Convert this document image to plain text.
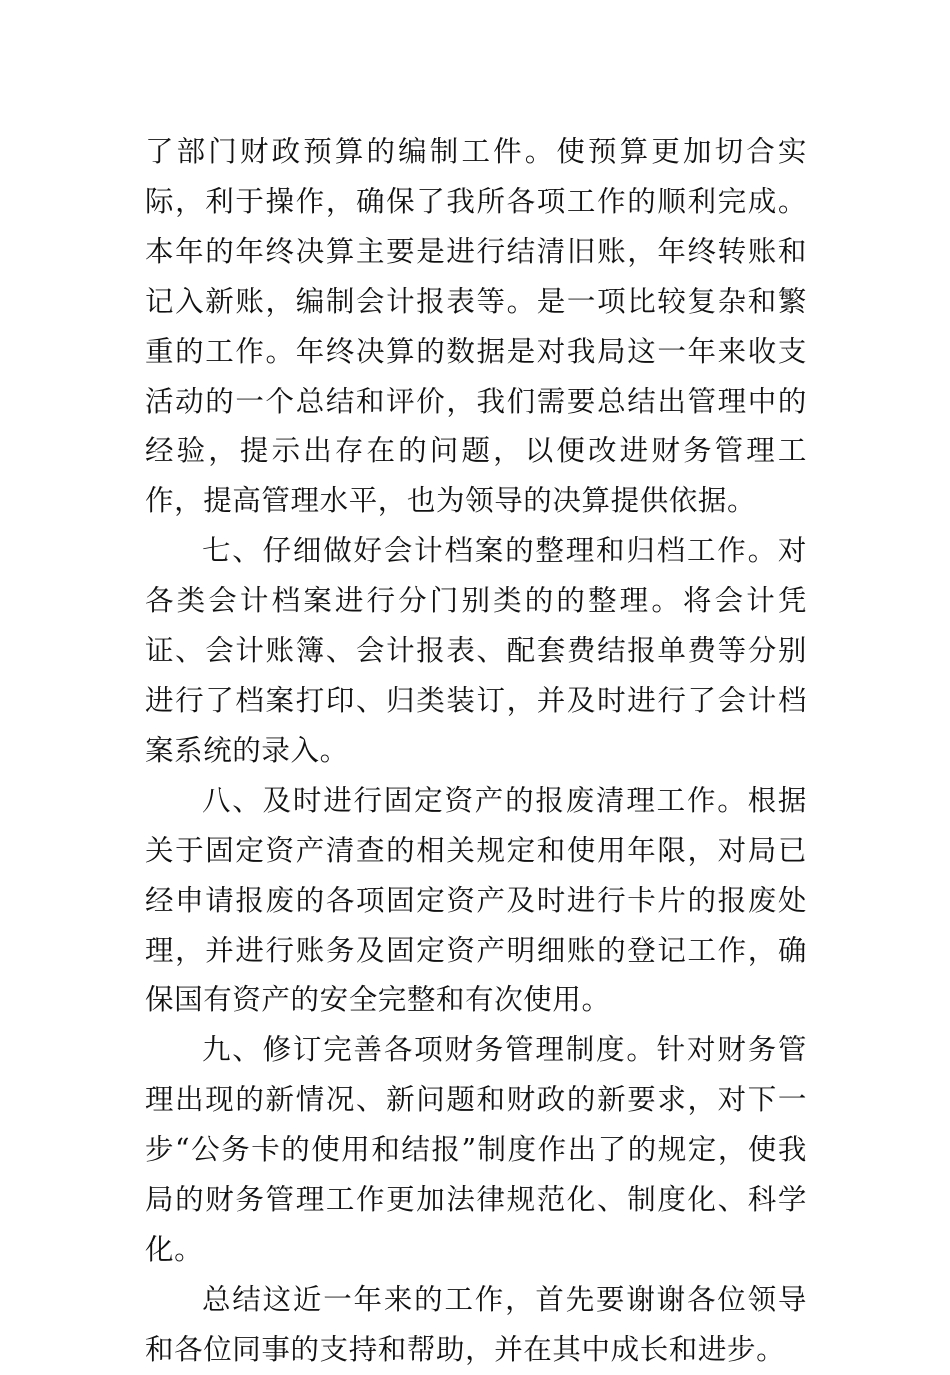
了部门财政预算的编制工件。使预算更加切合实际，利于操作，确保了我所各项工作的顺利完成。本年的年终决算主要是进行结清旧账，年终转账和记入新账，编制会计报表等。是一项比较复杂和繁重的工作。年终决算的数据是对我局这一年来收支活动的一个总结和评价，我们需要总结出管理中的经验，提示出存在的问题，以便改进财务管理工作，提高管理水平，也为领导的决算提供依据。

七、仔细做好会计档案的整理和归档工作。对各类会计档案进行分门别类的的整理。将会计凭证、会计账簿、会计报表、配套费结报单费等分别进行了档案打印、归类装订，并及时进行了会计档案系统的录入。

八、及时进行固定资产的报废清理工作。根据关于固定资产清查的相关规定和使用年限，对局已经申请报废的各项固定资产及时进行卡片的报废处理，并进行账务及固定资产明细账的登记工作，确保国有资产的安全完整和有次使用。

九、修订完善各项财务管理制度。针对财务管理出现的新情况、新问题和财政的新要求，对下一步“公务卡的使用和结报”制度作出了的规定，使我局的财务管理工作更加法律规范化、制度化、科学化。

总结这近一年来的工作，首先要谢谢各位领导和各位同事的支持和帮助，并在其中成长和进步。
